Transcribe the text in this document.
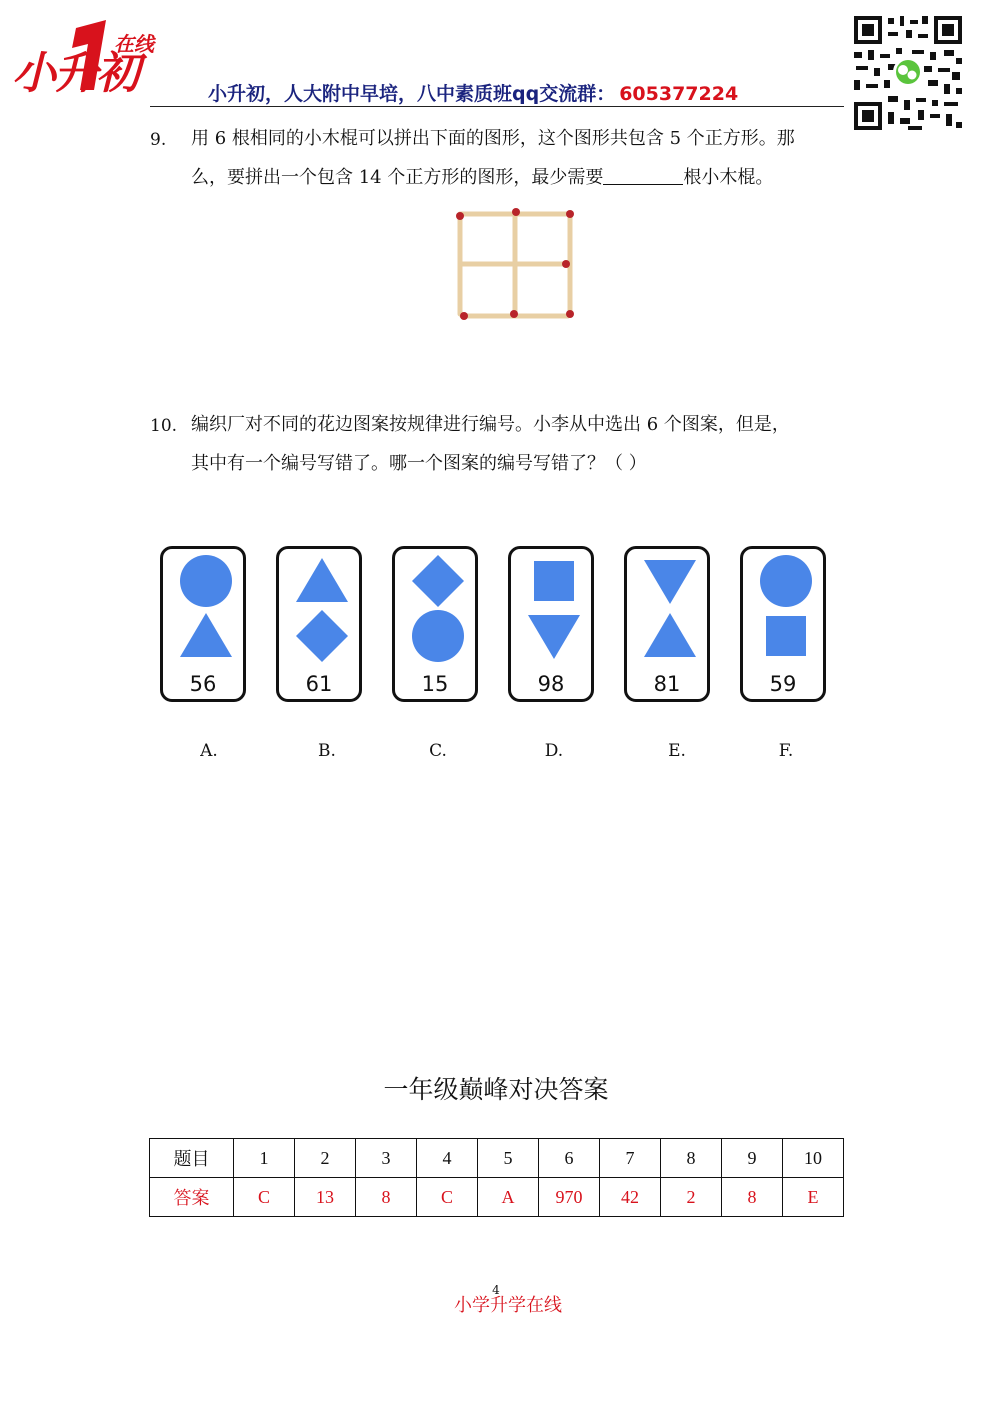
小升初
在线
小升初，人大附中早培，八中素质班qq交流群： 605377224
9. 用 6 根相同的小木棍可以拼出下面的图形，这个图形共包含 5 个正方形。那
么，要拼出一个包含 14 个正方形的图形，最少需要	根小木棍。
10. 编织厂对不同的花边图案按规律进行编号。小李从中选出 6 个图案，但是，
其中有一个编号写错了。哪一个图案的编号写错了？（ ）
56	61	15	98	81	59
A.	B.	C.	D.	E.	F.
一年级巅峰对决答案
题目	1	2	3	4	5	6	7	8	9	10
答案	C	13	8	C	A	970	42	2	8	E
4
小学升学在线
